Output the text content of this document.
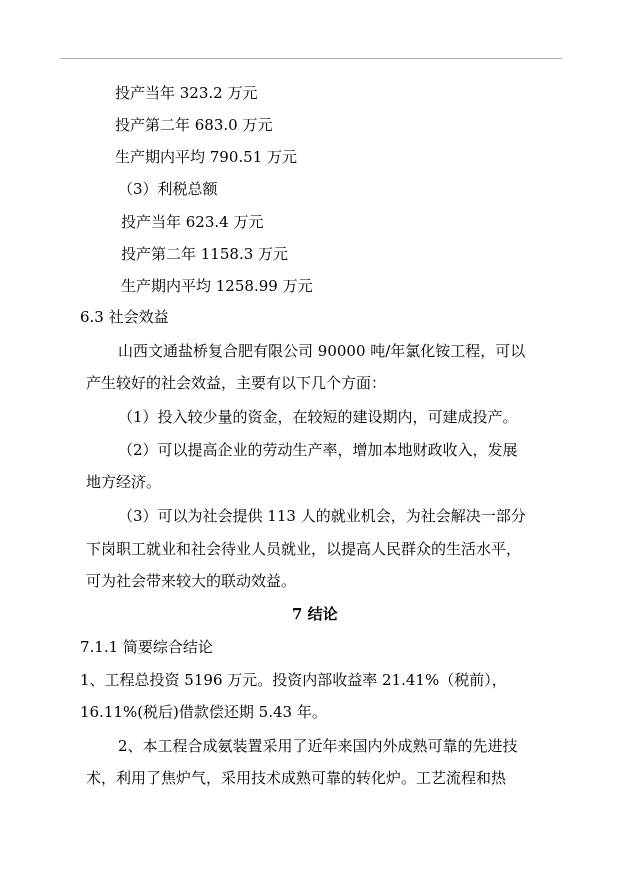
投产当年 323.2 万元
投产第二年 683.0 万元
生产期内平均 790.51 万元
（3）利税总额
投产当年 623.4 万元
投产第二年 1158.3 万元
生产期内平均 1258.99 万元
6.3 社会效益
山西文通盐桥复合肥有限公司 90000 吨/年氯化铵工程，可以
产生较好的社会效益，主要有以下几个方面：
（1）投入较少量的资金，在较短的建设期内，可建成投产。
（2）可以提高企业的劳动生产率，增加本地财政收入，发展
地方经济。
（3）可以为社会提供 113 人的就业机会，为社会解决一部分
下岗职工就业和社会待业人员就业，以提高人民群众的生活水平，
可为社会带来较大的联动效益。
7 结论
7.1.1 简要综合结论
1、工程总投资 5196 万元。投资内部收益率 21.41%（税前），
16.11%(税后)借款偿还期 5.43 年。
2、本工程合成氨装置采用了近年来国内外成熟可靠的先进技
术，利用了焦炉气，采用技术成熟可靠的转化炉。工艺流程和热
